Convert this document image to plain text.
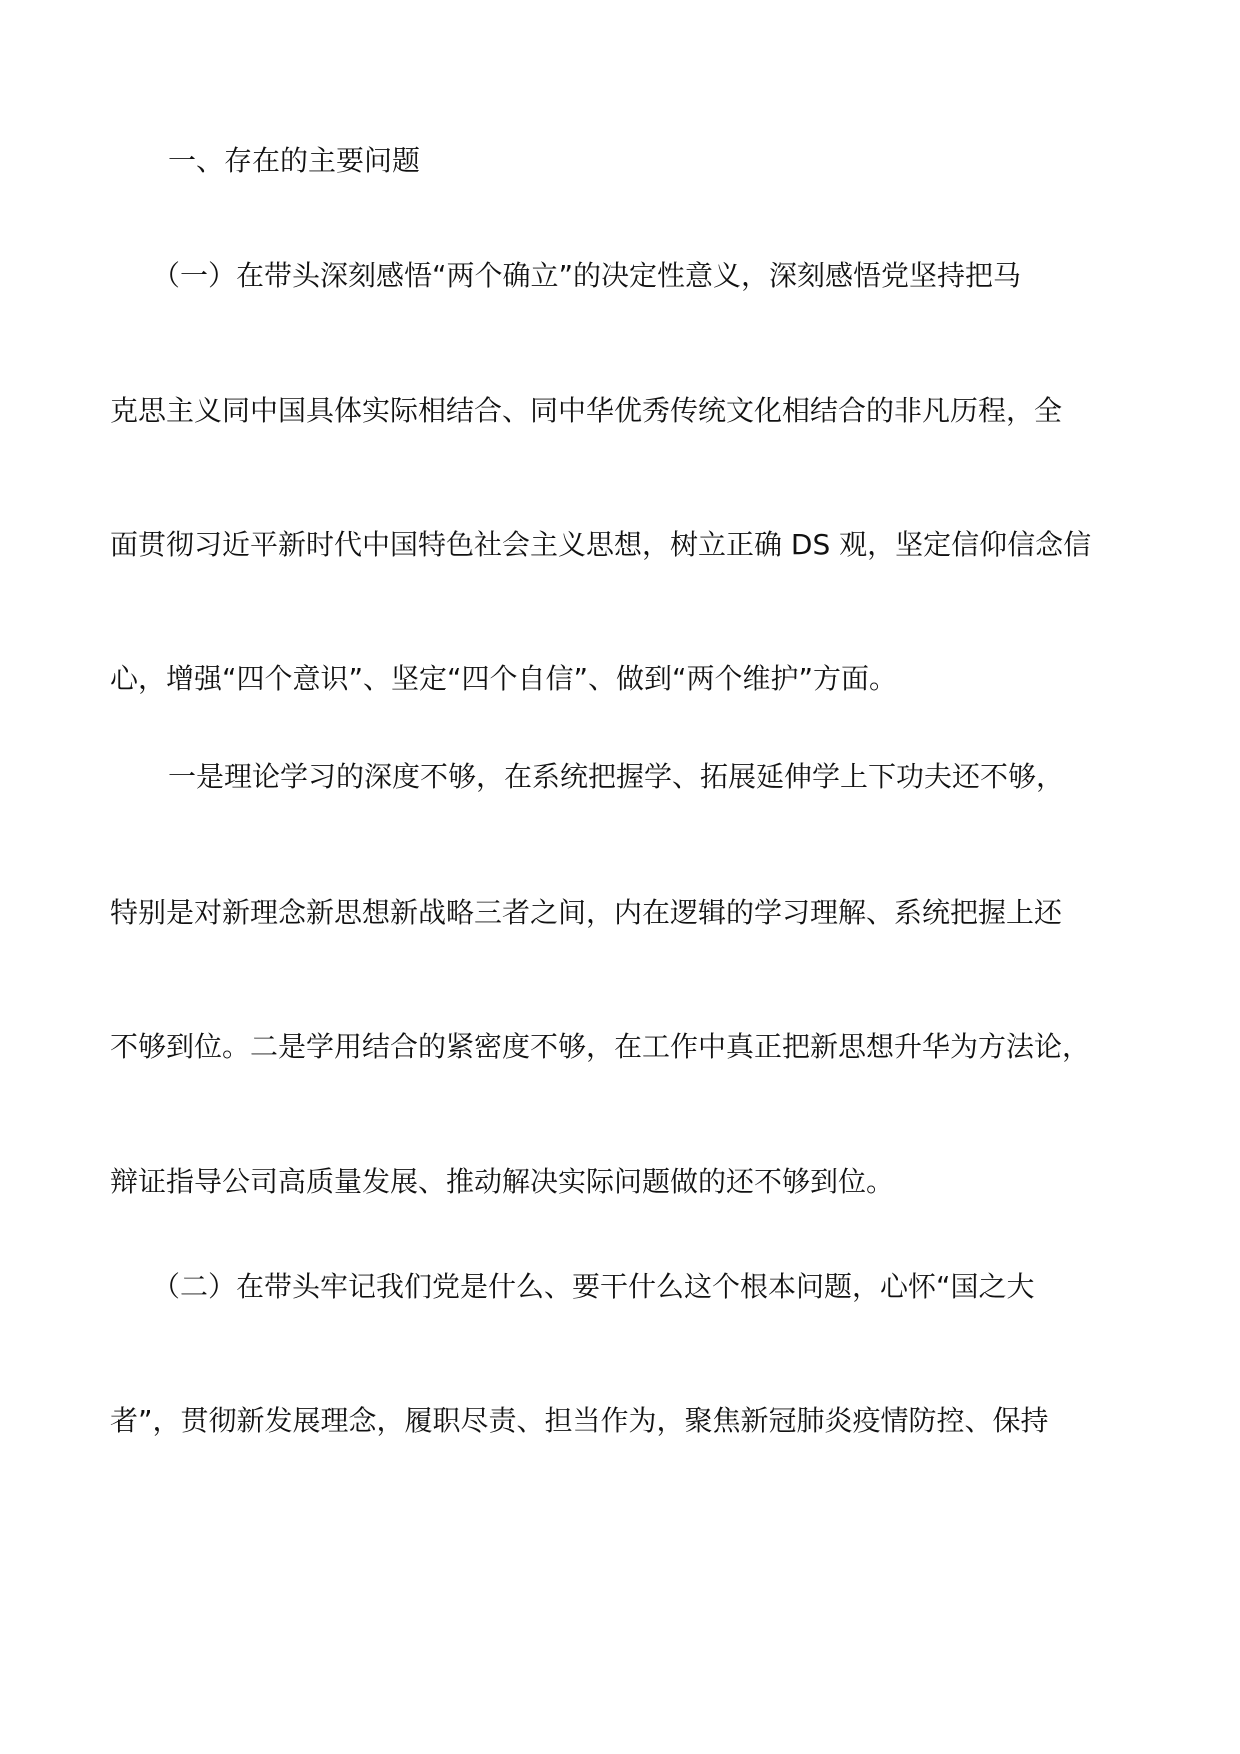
一、存在的主要问题
（一）在带头深刻感悟“两个确立”的决定性意义，深刻感悟党坚持把马
克思主义同中国具体实际相结合、同中华优秀传统文化相结合的非凡历程，全
面贯彻习近平新时代中国特色社会主义思想，树立正确 DS 观，坚定信仰信念信
心，增强“四个意识”、坚定“四个自信”、做到“两个维护”方面。
一是理论学习的深度不够，在系统把握学、拓展延伸学上下功夫还不够，
特别是对新理念新思想新战略三者之间，内在逻辑的学习理解、系统把握上还
不够到位。二是学用结合的紧密度不够，在工作中真正把新思想升华为方法论，
辩证指导公司高质量发展、推动解决实际问题做的还不够到位。
（二）在带头牢记我们党是什么、要干什么这个根本问题，心怀“国之大
者”，贯彻新发展理念，履职尽责、担当作为，聚焦新冠肺炎疫情防控、保持
